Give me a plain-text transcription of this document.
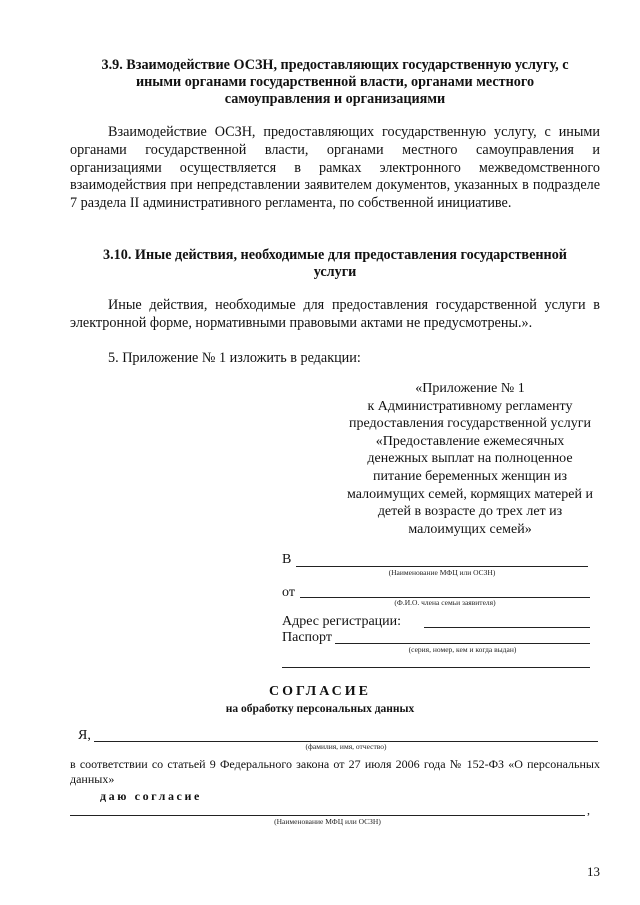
3.9. Взаимодействие ОСЗН, предоставляющих государственную услугу, с
иными органами государственной власти, органами местного
самоуправления и организациями
Взаимодействие ОСЗН, предоставляющих государственную услугу, с иными органами государственной власти, органами местного самоуправления и организациями осуществляется в рамках электронного межведомственного взаимодействия при непредставлении заявителем документов, указанных в подразделе 7 раздела II административного регламента, по собственной инициативе.
3.10. Иные действия, необходимые для предоставления государственной
услуги
Иные действия, необходимые для предоставления государственной услуги в электронной форме, нормативными правовыми актами не предусмотрены.».
5. Приложение № 1 изложить в редакции:
«Приложение № 1
к Административному регламенту
предоставления государственной услуги
«Предоставление ежемесячных
денежных выплат на полноценное
питание беременных женщин из
малоимущих семей, кормящих матерей и
детей в возрасте до трех лет из
малоимущих семей»
В
(Наименование МФЦ или ОСЗН)
от
(Ф.И.О. члена семьи заявителя)
Адрес регистрации:
Паспорт
(серия, номер, кем и когда выдан)
СОГЛАСИЕ
на обработку персональных данных
Я,
(фамилия, имя, отчество)
в соответствии со статьей 9 Федерального закона от 27 июля 2006 года № 152-ФЗ «О персональных данных»
даю согласие
,
(Наименование МФЦ или ОСЗН)
13
